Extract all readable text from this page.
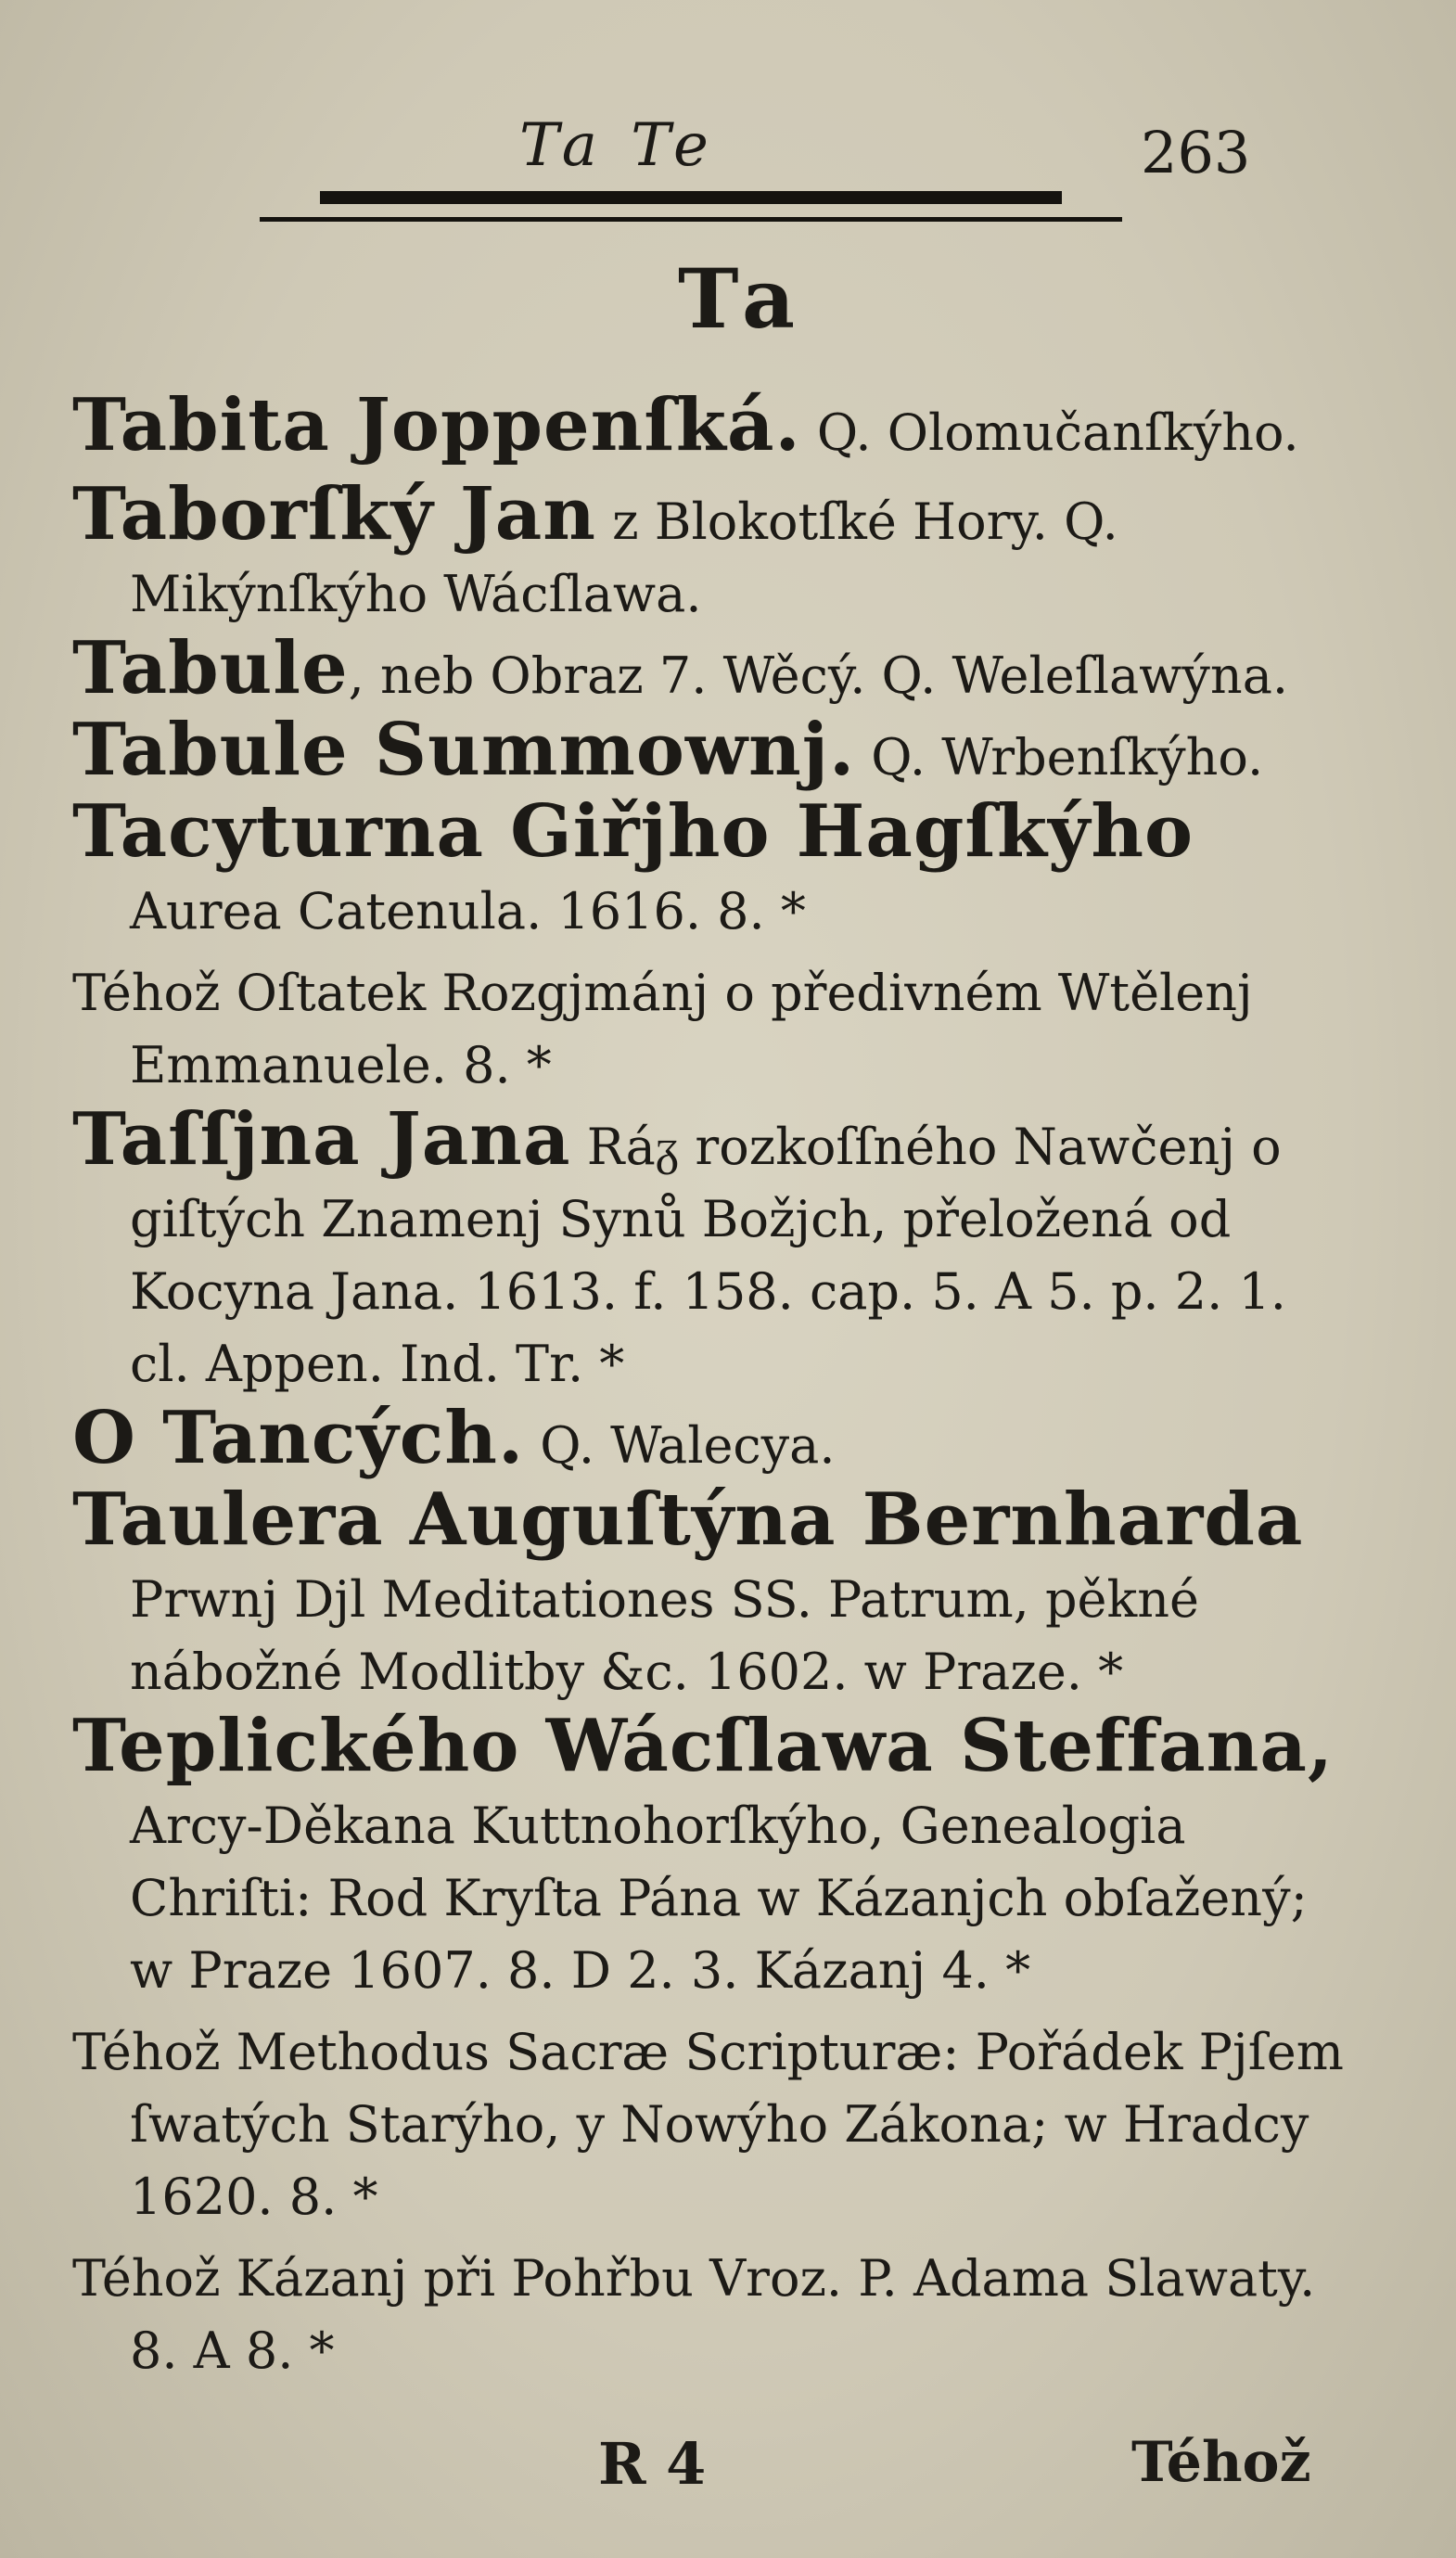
Ta Te	263
Ta

Tabita Joppenſká. Q. Olomučanſkýho.

Taborſký Jan z Blokotſké Hory. Q. Mikýnſkýho Wácſlawa.

Tabule, neb Obraz 7. Wěcý. Q. Weleſlawýna.

Tabule Summownj. Q. Wrbenſkýho.

Tacyturna Giřjho Hagſkýho Aurea Catenula. 1616. 8. *

Téhož Oſtatek Rozgjmánj o předivném Wtělenj Emmanuele. 8. *

Taſſjna Jana Ráᵹ rozkoſſného Nawčenj o giſtých Znamenj Synů Božjch, přeložená od Kocyna Jana. 1613. f. 158. cap. 5. A 5. p. 2. 1. cl. Appen. Ind. Tr. *

O Tancých. Q. Walecya.

Taulera Auguſtýna Bernharda Prwnj Djl Meditationes SS. Patrum, pěkné nábožné Modlitby &c. 1602. w Praze. *

Teplického Wácſlawa Steffana, Arcy-Děkana Kuttnohorſkýho, Genealogia Chriſti: Rod Kryſta Pána w Kázanjch obſažený; w Praze 1607. 8. D 2. 3. Kázanj 4. *

Téhož Methodus Sacræ Scripturæ: Pořádek Pjſem ſwatých Starýho, y Nowýho Zákona; w Hradcy 1620. 8. *

Téhož Kázanj při Pohřbu Vroz. P. Adama Slawaty. 8. A 8. *

R 4	Téhož
